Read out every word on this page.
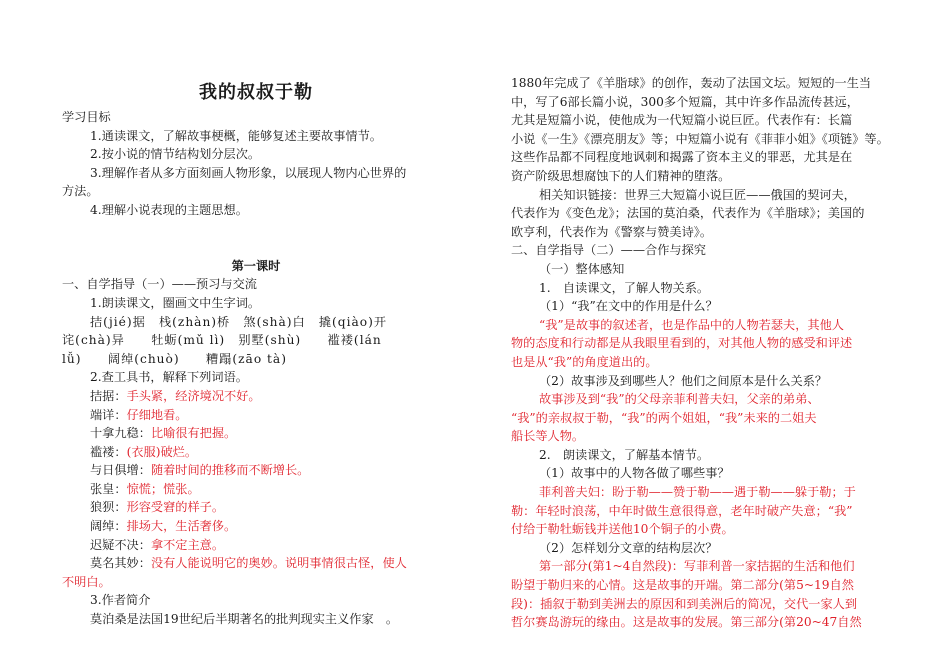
我的叔叔于勒
学习目标
1.通读课文，了解故事梗概，能够复述主要故事情节。
2.按小说的情节结构划分层次。
3.理解作者从多方面刻画人物形象，以展现人物内心世界的
方法。
4.理解小说表现的主题思想。
第一课时
一、自学指导（一）——预习与交流
1.朗读课文，圈画文中生字词。
拮(jié)据　栈(zhàn)桥　煞(shà)白　撬(qiào)开
诧(chà)异　　牡蛎(mǔ lì)　别墅(shù)　　褴褛(lán
lǚ)　　阔绰(chuò)　　糟蹋(zāo tà)
2.查工具书，解释下列词语。
拮据：手头紧，经济境况不好。
端详：仔细地看。
十拿九稳：比喻很有把握。
褴褛：(衣服)破烂。
与日俱增：随着时间的推移而不断增长。
张皇：惊慌；慌张。
狼狈：形容受窘的样子。
阔绰：排场大，生活奢侈。
迟疑不决：拿不定主意。
莫名其妙：没有人能说明它的奥妙。说明事情很古怪，使人
不明白。
3.作者简介
莫泊桑是法国19世纪后半期著名的批判现实主义作家　。
1880年完成了《羊脂球》的创作，轰动了法国文坛。短短的一生当
中，写了6部长篇小说，300多个短篇，其中许多作品流传甚远，
尤其是短篇小说，使他成为一代短篇小说巨匠。代表作有：长篇
小说《一生》《漂亮朋友》等；中短篇小说有《菲菲小姐》《项链》等。
这些作品都不同程度地讽刺和揭露了资本主义的罪恶，尤其是在
资产阶级思想腐蚀下的人们精神的堕落。
相关知识链接：世界三大短篇小说巨匠——俄国的契诃夫，
代表作为《变色龙》；法国的莫泊桑，代表作为《羊脂球》；美国的
欧亨利，代表作为《警察与赞美诗》。
二、自学指导（二）——合作与探究
（一）整体感知
1.　自读课文，了解人物关系。
（1）“我”在文中的作用是什么？
“我”是故事的叙述者，也是作品中的人物若瑟夫，其他人
物的态度和行动都是从我眼里看到的，对其他人物的感受和评述
也是从“我”的角度道出的。
（2）故事涉及到哪些人？他们之间原本是什么关系？
故事涉及到“我”的父母亲菲利普夫妇，父亲的弟弟、
“我”的亲叔叔于勒，“我”的两个姐姐，“我”未来的二姐夫
船长等人物。
2.　朗读课文，了解基本情节。
（1）故事中的人物各做了哪些事？
菲利普夫妇：盼于勒——赞于勒——遇于勒——躲于勒；于
勒：年轻时浪荡，中年时做生意很得意，老年时破产失意；“我”
付给于勒牡蛎钱并送他10个铜子的小费。
（2）怎样划分文章的结构层次？
第一部分(第1~4自然段)：写菲利普一家拮据的生活和他们
盼望于勒归来的心情。这是故事的开端。第二部分(第5~19自然
段)：插叙于勒到美洲去的原因和到美洲后的简况，交代一家人到
哲尔赛岛游玩的缘由。这是故事的发展。第三部分(第20~47自然
